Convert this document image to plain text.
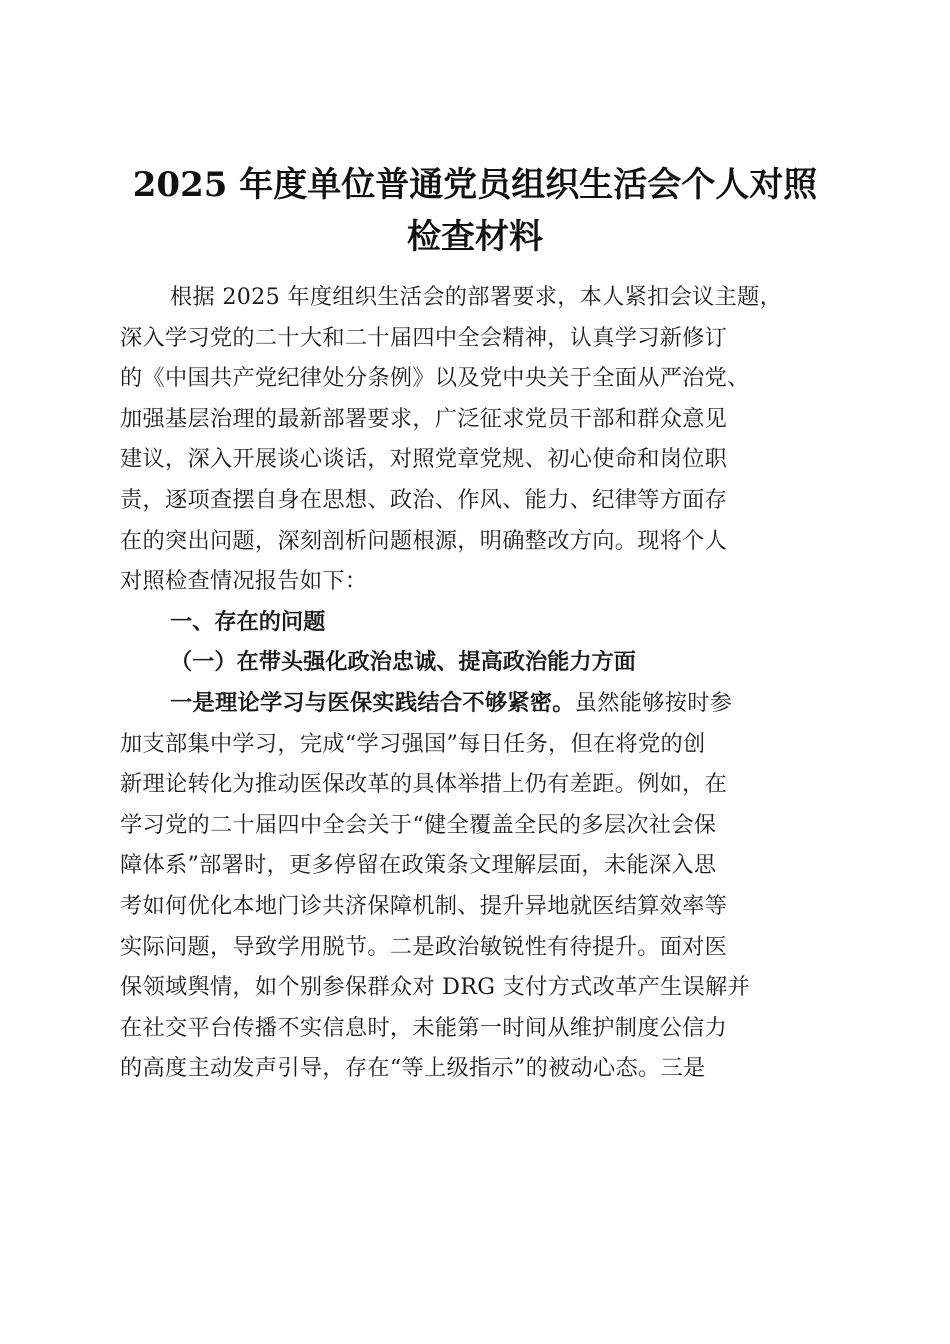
2025 年度单位普通党员组织生活会个人对照
检查材料

根据 2025 年度组织生活会的部署要求，本人紧扣会议主题，
深入学习党的二十大和二十届四中全会精神，认真学习新修订
的《中国共产党纪律处分条例》以及党中央关于全面从严治党、
加强基层治理的最新部署要求，广泛征求党员干部和群众意见
建议，深入开展谈心谈话，对照党章党规、初心使命和岗位职
责，逐项查摆自身在思想、政治、作风、能力、纪律等方面存
在的突出问题，深刻剖析问题根源，明确整改方向。现将个人
对照检查情况报告如下：

一、存在的问题
（一）在带头强化政治忠诚、提高政治能力方面

一是理论学习与医保实践结合不够紧密。虽然能够按时参
加支部集中学习，完成“学习强国”每日任务，但在将党的创
新理论转化为推动医保改革的具体举措上仍有差距。例如，在
学习党的二十届四中全会关于“健全覆盖全民的多层次社会保
障体系”部署时，更多停留在政策条文理解层面，未能深入思
考如何优化本地门诊共济保障机制、提升异地就医结算效率等
实际问题，导致学用脱节。二是政治敏锐性有待提升。面对医
保领域舆情，如个别参保群众对 DRG 支付方式改革产生误解并
在社交平台传播不实信息时，未能第一时间从维护制度公信力
的高度主动发声引导，存在“等上级指示”的被动心态。三是
